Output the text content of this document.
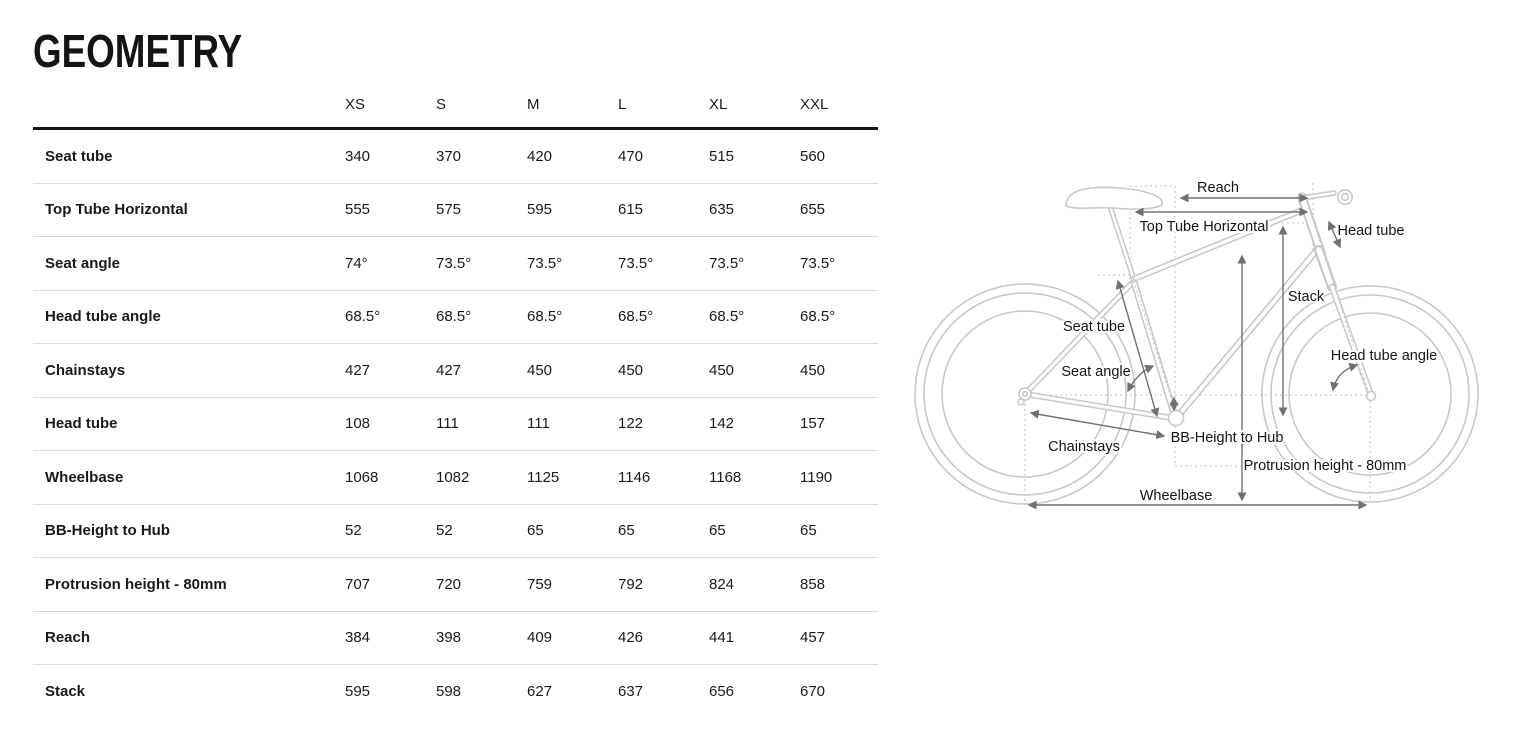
GEOMETRY
XS	S	M	L	XL	XXL
Seat tube	340	370	420	470	515	560
Top Tube Horizontal	555	575	595	615	635	655
Seat angle	74°	73.5°	73.5°	73.5°	73.5°	73.5°
Head tube angle	68.5°	68.5°	68.5°	68.5°	68.5°	68.5°
Chainstays	427	427	450	450	450	450
Head tube	108	111	111	122	142	157
Wheelbase	1068	1082	1125	1146	1168	1190
BB-Height to Hub	52	52	65	65	65	65
Protrusion height - 80mm	707	720	759	792	824	858
Reach	384	398	409	426	441	457
Stack	595	598	627	637	656	670
Reach
Top Tube Horizontal	Head tube
Stack
Seat tube
Seat angle
Head tube angle
Chainstays
BB-Height to Hub
Protrusion height - 80mm
Wheelbase
